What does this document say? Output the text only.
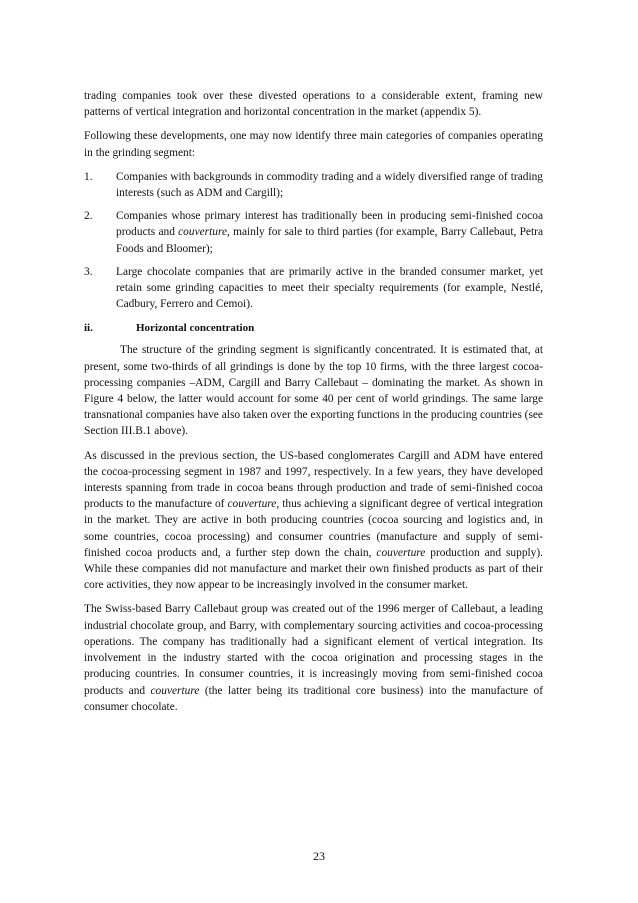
trading companies took over these divested operations to a considerable extent, framing new patterns of vertical integration and horizontal concentration in the market (appendix 5).

Following these developments, one may now identify three main categories of companies operating in the grinding segment:

1.	Companies with backgrounds in commodity trading and a widely diversified range of trading interests (such as ADM and Cargill);
2.	Companies whose primary interest has traditionally been in producing semi-finished cocoa products and couverture, mainly for sale to third parties (for example, Barry Callebaut, Petra Foods and Bloomer);
3.	Large chocolate companies that are primarily active in the branded consumer market, yet retain some grinding capacities to meet their specialty requirements (for example, Nestlé, Cadbury, Ferrero and Cemoi).
ii.	Horizontal concentration

The structure of the grinding segment is significantly concentrated. It is estimated that, at present, some two-thirds of all grindings is done by the top 10 firms, with the three largest cocoa-processing companies –ADM, Cargill and Barry Callebaut – dominating the market. As shown in Figure 4 below, the latter would account for some 40 per cent of world grindings. The same large transnational companies have also taken over the exporting functions in the producing countries (see Section III.B.1 above).

As discussed in the previous section, the US-based conglomerates Cargill and ADM have entered the cocoa-processing segment in 1987 and 1997, respectively. In a few years, they have developed interests spanning from trade in cocoa beans through production and trade of semi-finished cocoa products to the manufacture of couverture, thus achieving a significant degree of vertical integration in the market. They are active in both producing countries (cocoa sourcing and logistics and, in some countries, cocoa processing) and consumer countries (manufacture and supply of semi-finished cocoa products and, a further step down the chain, couverture production and supply). While these companies did not manufacture and market their own finished products as part of their core activities, they now appear to be increasingly involved in the consumer market.

The Swiss-based Barry Callebaut group was created out of the 1996 merger of Callebaut, a leading industrial chocolate group, and Barry, with complementary sourcing activities and cocoa-processing operations. The company has traditionally had a significant element of vertical integration. Its involvement in the industry started with the cocoa origination and processing stages in the producing countries. In consumer countries, it is increasingly moving from semi-finished cocoa products and couverture (the latter being its traditional core business) into the manufacture of consumer chocolate.

23
